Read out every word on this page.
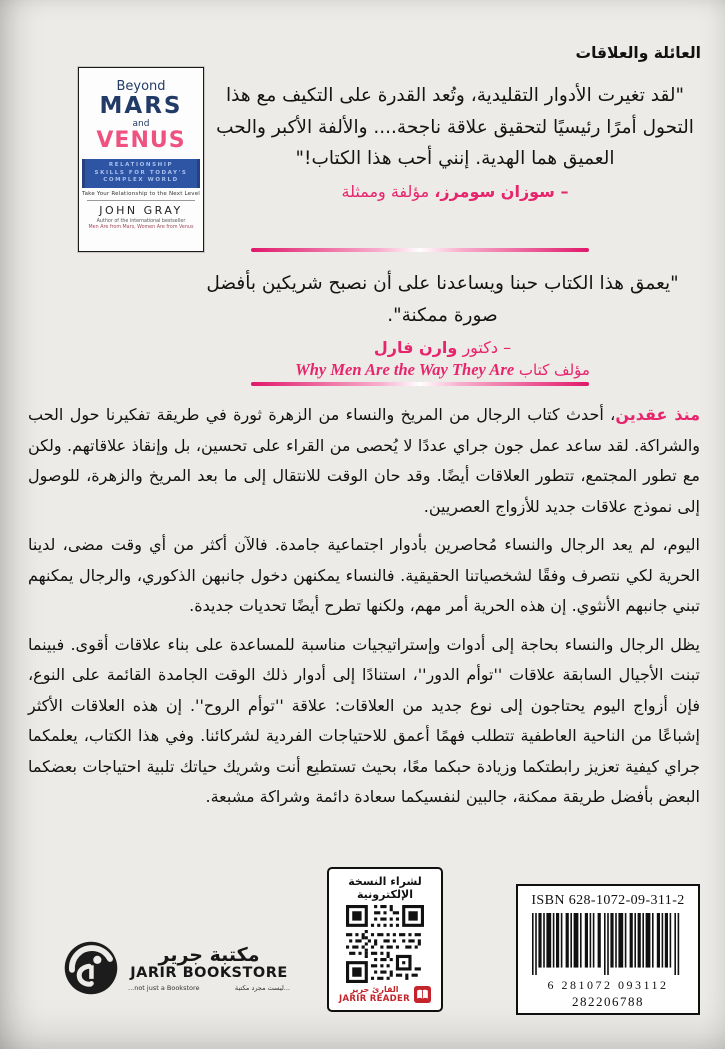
العائلة والعلاقات
Beyond
MARS
and
VENUS
RELATIONSHIP
SKILLS FOR TODAY'S
COMPLEX WORLD
Take Your Relationship to the Next Level
JOHN GRAY
Author of the international bestseller
Men Are from Mars, Women Are from Venus
"لقد تغيرت الأدوار التقليدية، وتُعد القدرة على التكيف مع هذا التحول أمرًا رئيسيًا لتحقيق علاقة ناجحة.... والألفة الأكبر والحب العميق هما الهدية. إنني أحب هذا الكتاب!"
– سوزان سومرز، مؤلفة وممثلة
"يعمق هذا الكتاب حبنا ويساعدنا على أن نصبح شريكين بأفضل صورة ممكنة".
– دكتور وارن فارل
مؤلف كتاب Why Men Are the Way They Are

منذ عقدين، أحدث كتاب الرجال من المريخ والنساء من الزهرة ثورة في طريقة تفكيرنا حول الحب والشراكة. لقد ساعد عمل جون جراي عددًا لا يُحصى من القراء على تحسين، بل وإنقاذ علاقاتهم. ولكن مع تطور المجتمع، تتطور العلاقات أيضًا. وقد حان الوقت للانتقال إلى ما بعد المريخ والزهرة، للوصول إلى نموذج علاقات جديد للأزواج العصريين.

اليوم، لم يعد الرجال والنساء مُحاصرين بأدوار اجتماعية جامدة. فالآن أكثر من أي وقت مضى، لدينا الحرية لكي نتصرف وفقًا لشخصياتنا الحقيقية. فالنساء يمكنهن دخول جانبهن الذكوري، والرجال يمكنهم تبني جانبهم الأنثوي. إن هذه الحرية أمر مهم، ولكنها تطرح أيضًا تحديات جديدة.

يظل الرجال والنساء بحاجة إلى أدوات وإستراتيجيات مناسبة للمساعدة على بناء علاقات أقوى. فبينما تبنت الأجيال السابقة علاقات ''توأم الدور''، استنادًا إلى أدوار ذلك الوقت الجامدة القائمة على النوع، فإن أزواج اليوم يحتاجون إلى نوع جديد من العلاقات: علاقة ''توأم الروح''. إن هذه العلاقات الأكثر إشباعًا من الناحية العاطفية تتطلب فهمًا أعمق للاحتياجات الفردية لشركائنا. وفي هذا الكتاب، يعلمكما جراي كيفية تعزيز رابطتكما وزيادة حبكما معًا، بحيث تستطيع أنت وشريك حياتك تلبية احتياجات بعضكما البعض بأفضل طريقة ممكنة، جالبين لنفسيكما سعادة دائمة وشراكة مشبعة.

مكتبة جرير
JARIR BOOKSTORE
...not just a Bookstore	...ليست مجرد مكتبة
لشراء النسخة
الإلكترونية
القارئ جرير
JARIR READER
ISBN 628-1072-09-311-2
6 281072 093112
282206788
